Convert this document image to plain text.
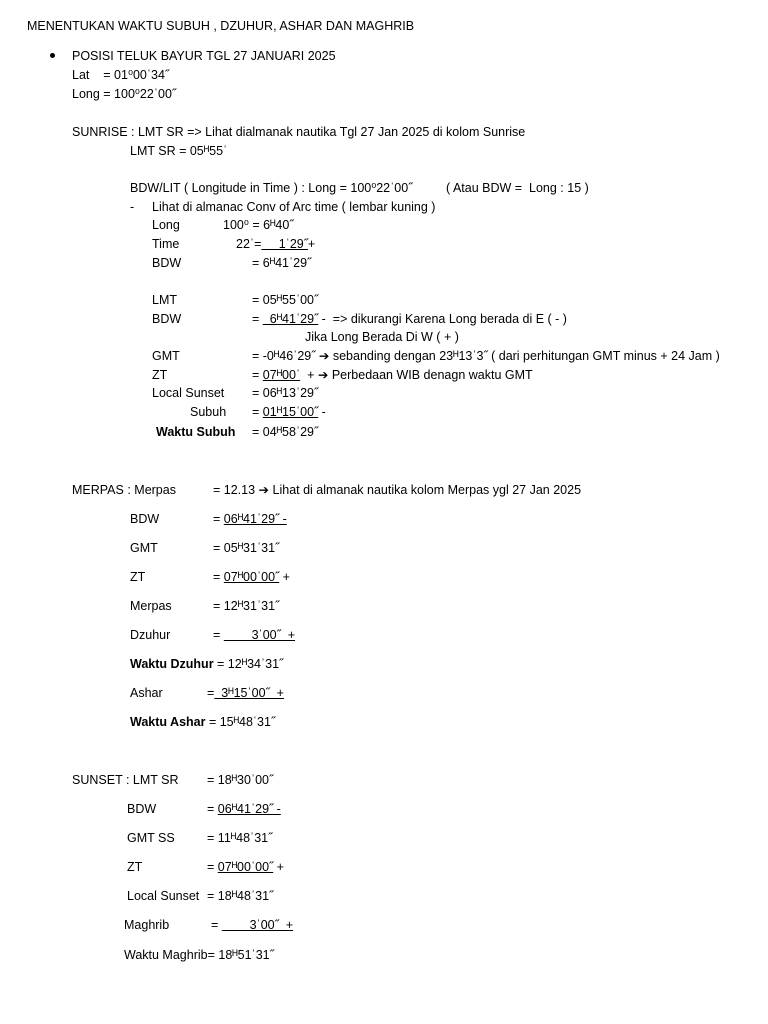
MENENTUKAN WAKTU SUBUH , DZUHUR, ASHAR DAN MAGHRIB
POSISI TELUK BAYUR TGL 27 JANUARI 2025
Lat    = 01⁰00ˈ34˝
Long = 100⁰22ˈ00˝
SUNRISE : LMT SR => Lihat dialmanak nautika Tgl 27 Jan 2025 di kolom Sunrise
LMT SR = 05ᴴ55ˈ
BDW/LIT ( Longitude in Time ) : Long = 100⁰22ˈ00˝	( Atau BDW =  Long : 15 )
- Lihat di almanac Conv of Arc time ( lembar kuning )
Long	100⁰ = 6ᴴ40˝
Time	22ˈ=     1ˈ29˝+
BDW	= 6ᴴ41ˈ29˝
LMT	= 05ᴴ55ˈ00˝
BDW	=   6ᴴ41ˈ29˝ -  => dikurangi Karena Long berada di E ( - )
Jika Long Berada Di W ( + )
GMT	= -0ᴴ46ˈ29˝ ➔ sebanding dengan 23ᴴ13ˈ3˝ ( dari perhitungan GMT minus + 24 Jam )
ZT	= 07ᴴ00ˈ  + ➔ Perbedaan WIB denagn waktu GMT
Local Sunset = 06ᴴ13ˈ29˝
Subuh = 01ᴴ15ˈ00˝ -
Waktu Subuh = 04ᴴ58ˈ29˝
MERPAS : Merpas	= 12.13 ➔ Lihat di almanak nautika kolom Merpas ygl 27 Jan 2025
BDW	= 06ᴴ41ˈ29˝ -
GMT	= 05ᴴ31ˈ31˝
ZT	= 07ᴴ00ˈ00˝ +
Merpas	= 12ᴴ31ˈ31˝
Dzuhur	=         3ˈ00˝  +
Waktu Dzuhur = 12ᴴ34ˈ31˝
Ashar	=  3ᴴ15ˈ00˝  +
Waktu Ashar = 15ᴴ48ˈ31˝
SUNSET : LMT SR = 18ᴴ30ˈ00˝
BDW	= 06ᴴ41ˈ29˝ -
GMT SS	= 11ᴴ48ˈ31˝
ZT	= 07ᴴ00ˈ00˝ +
Local Sunset = 18ᴴ48ˈ31˝
Maghrib	=         3ˈ00˝  +
Waktu Maghrib= 18ᴴ51ˈ31˝
